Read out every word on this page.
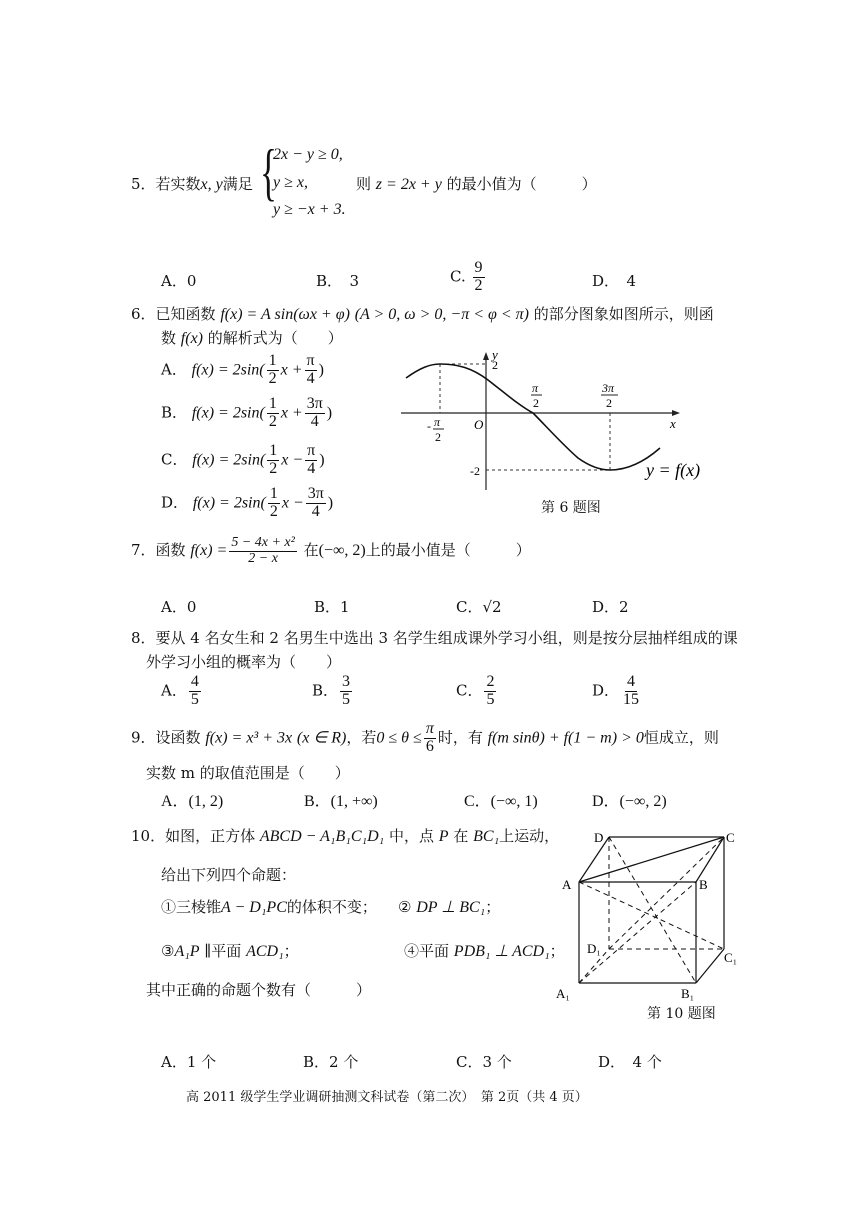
5．若实数x, y满足 {
2x − y ≥ 0,
y ≥ x,
y ≥ −x + 3.
则 z = 2x + y 的最小值为（　　　）
A．0	B．　3	C. $\frac{9}{2}$	D．　4
6．已知函数 f(x) = A sin(ωx + φ) (A > 0, ω > 0, −π < φ < π) 的部分图象如图所示，则函
数 f(x) 的解析式为（　　）
A． $f(x) = 2\sin( \frac{1}{2}$ $x + \frac{\pi}{4}$ )
B． $f(x) = 2\sin( \frac{1}{2}$ $x + \frac{3\pi}{4}$ )
C． $f(x) = 2\sin( \frac{1}{2}$ $x - \frac{\pi}{4}$ )
D． $f(x) = 2\sin( \frac{1}{2}$ $x - \frac{3\pi}{4}$ )
y
x
O
2
-2
- π
2
π
2
3π
2
y = f(x)
第 6 题图
7．函数 $f(x) = \frac{\text{5 − 4x + x²}}{2 - x}$ 在(−∞, 2)上的最小值是（　　　）
A．0	B．1	C．√2	D．2
8．要从 4 名女生和 2 名男生中选出 3 名学生组成课外学习小组，则是按分层抽样组成的课
外学习小组的概率为（　　）
A． $\frac{4}{5}$	B． $\frac{3}{5}$	C． $\frac{2}{5}$	D． $\frac{4}{15}$
9．设函数 f(x) = x³ + 3x (x ∈ R)，若$0 \le \theta \le \frac{\pi}{6}$ 时，有 f(m sinθ) + f(1 − m) > 0恒成立，则
实数 m 的取值范围是（　　）
A．(1, 2)	B．(1, +∞)	C．(−∞, 1)	D．(−∞, 2)
10．如图，正方体 ABCD − A₁B₁C₁D₁ 中，点 P 在 BC₁上运动，
给出下列四个命题：
①三棱锥A − D₁PC的体积不变； ② DP ⊥ BC₁；
③A₁P ∥平面 ACD₁；	④平面 PDB₁ ⊥ ACD₁；
其中正确的命题个数有（　　　）
D	C
A	B
D₁
C₁
A₁	B₁
第 10 题图
A．1 个	B．2 个	C．3 个	D．　4 个
高 2011 级学生学业调研抽测文科试卷（第二次）　第 2页（共 4 页）
